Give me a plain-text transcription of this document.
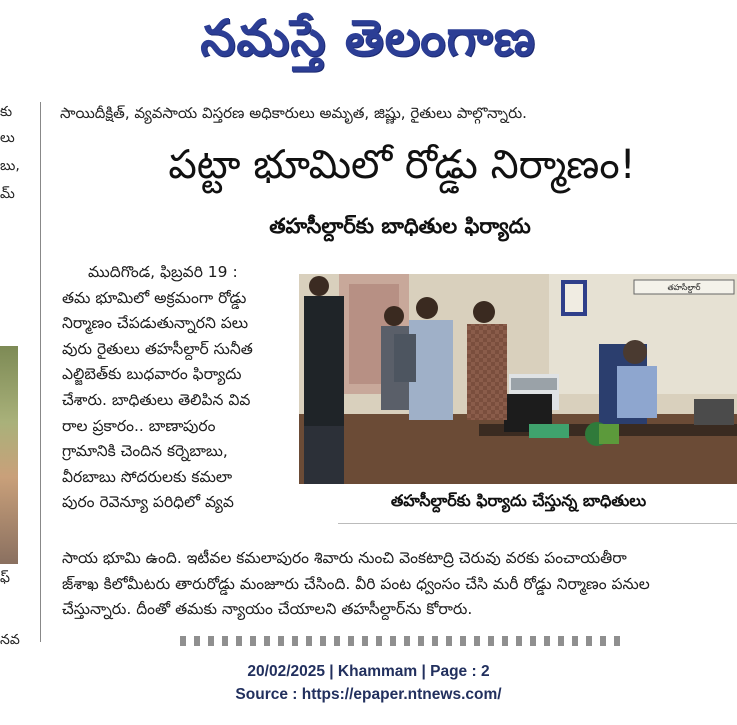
నమస్తే తెలంగాణ
కు
లు
బు,
మ్
ఫ్
నవ
సాయిదీక్షిత్, వ్యవసాయ విస్తరణ అధికారులు అమృత, జిష్ణు, రైతులు పాల్గొన్నారు.
పట్టా భూమిలో రోడ్డు నిర్మాణం!
తహసీల్దార్‌కు బాధితుల ఫిర్యాదు

ముదిగొండ, ఫిబ్రవరి 19 :

తమ భూమిలో అక్రమంగా రోడ్డు

నిర్మాణం చేపడుతున్నారని పలు

వురు రైతులు తహసీల్దార్ సునీత

ఎల్జిబెత్‌కు బుధవారం ఫిర్యాదు

చేశారు. బాధితులు తెలిపిన వివ

రాల ప్రకారం.. బాణాపురం

గ్రామానికి చెందిన కర్నెబాబు,

వీరబాబు సోదరులకు కమలా

పురం రెవెన్యూ పరిధిలో వ్యవ

తహసీల్దార్
తహసీల్దార్‌కు ఫిర్యాదు చేస్తున్న బాధితులు

సాయ భూమి ఉంది. ఇటీవల కమలాపురం శివారు నుంచి వెంకటాద్రి చెరువు వరకు పంచాయతీరా

జ్‌శాఖ కిలోమీటరు తారురోడ్డు మంజూరు చేసింది. వీరి పంట ధ్వంసం చేసి మరీ రోడ్డు నిర్మాణం పనుల

చేస్తున్నారు. దీంతో తమకు న్యాయం చేయాలని తహసీల్దార్‌ను కోరారు.

20/02/2025 | Khammam | Page : 2
Source : https://epaper.ntnews.com/
